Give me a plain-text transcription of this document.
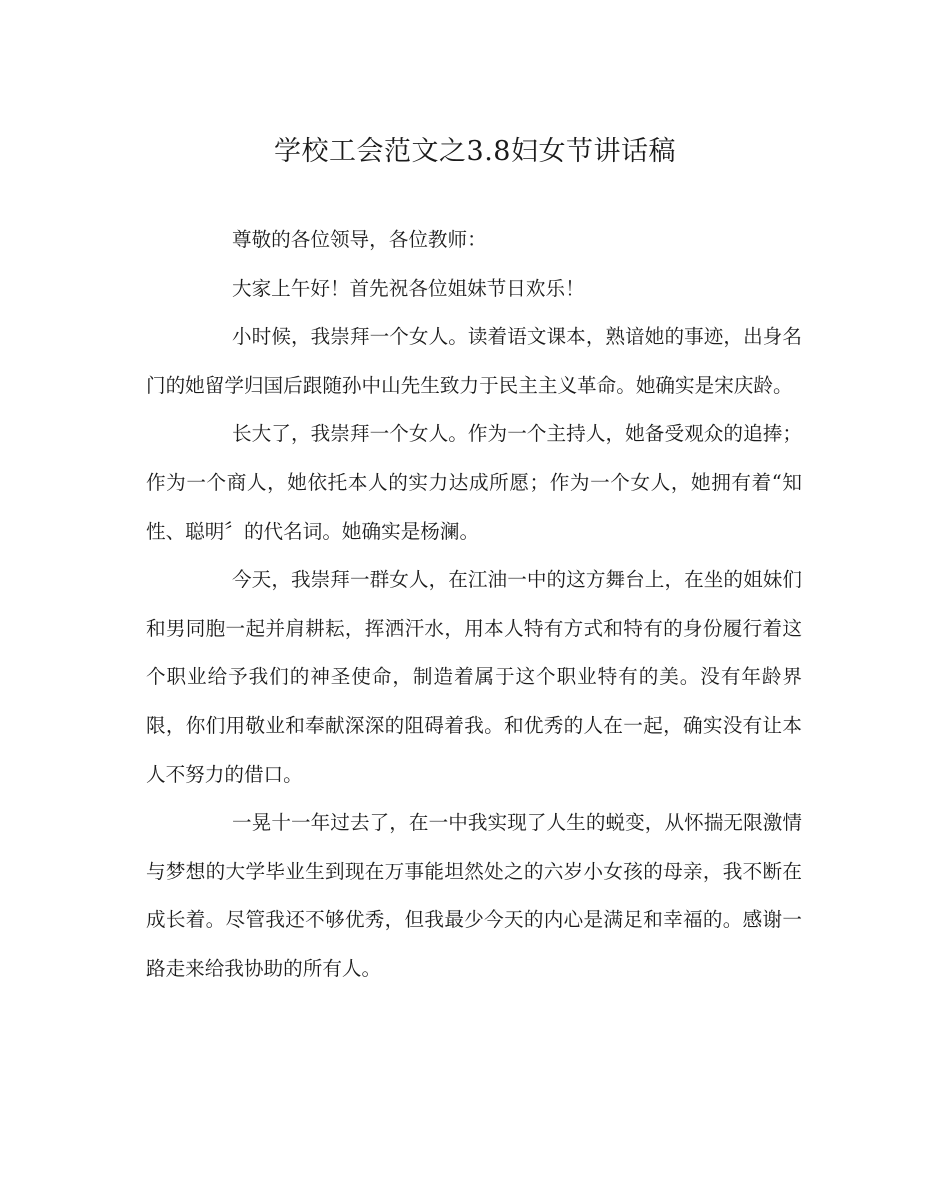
学校工会范文之3.8妇女节讲话稿

尊敬的各位领导，各位教师：

大家上午好！首先祝各位姐妹节日欢乐！

小时候，我崇拜一个女人。读着语文课本，熟谙她的事迹，出身名门的她留学归国后跟随孙中山先生致力于民主主义革命。她确实是宋庆龄。

长大了，我崇拜一个女人。作为一个主持人，她备受观众的追捧；作为一个商人，她依托本人的实力达成所愿；作为一个女人，她拥有着“知性、聪明〞的代名词。她确实是杨澜。

今天，我崇拜一群女人，在江油一中的这方舞台上，在坐的姐妹们和男同胞一起并肩耕耘，挥洒汗水，用本人特有方式和特有的身份履行着这个职业给予我们的神圣使命，制造着属于这个职业特有的美。没有年龄界限，你们用敬业和奉献深深的阻碍着我。和优秀的人在一起，确实没有让本人不努力的借口。

一晃十一年过去了，在一中我实现了人生的蜕变，从怀揣无限激情与梦想的大学毕业生到现在万事能坦然处之的六岁小女孩的母亲，我不断在成长着。尽管我还不够优秀，但我最少今天的内心是满足和幸福的。感谢一路走来给我协助的所有人。
